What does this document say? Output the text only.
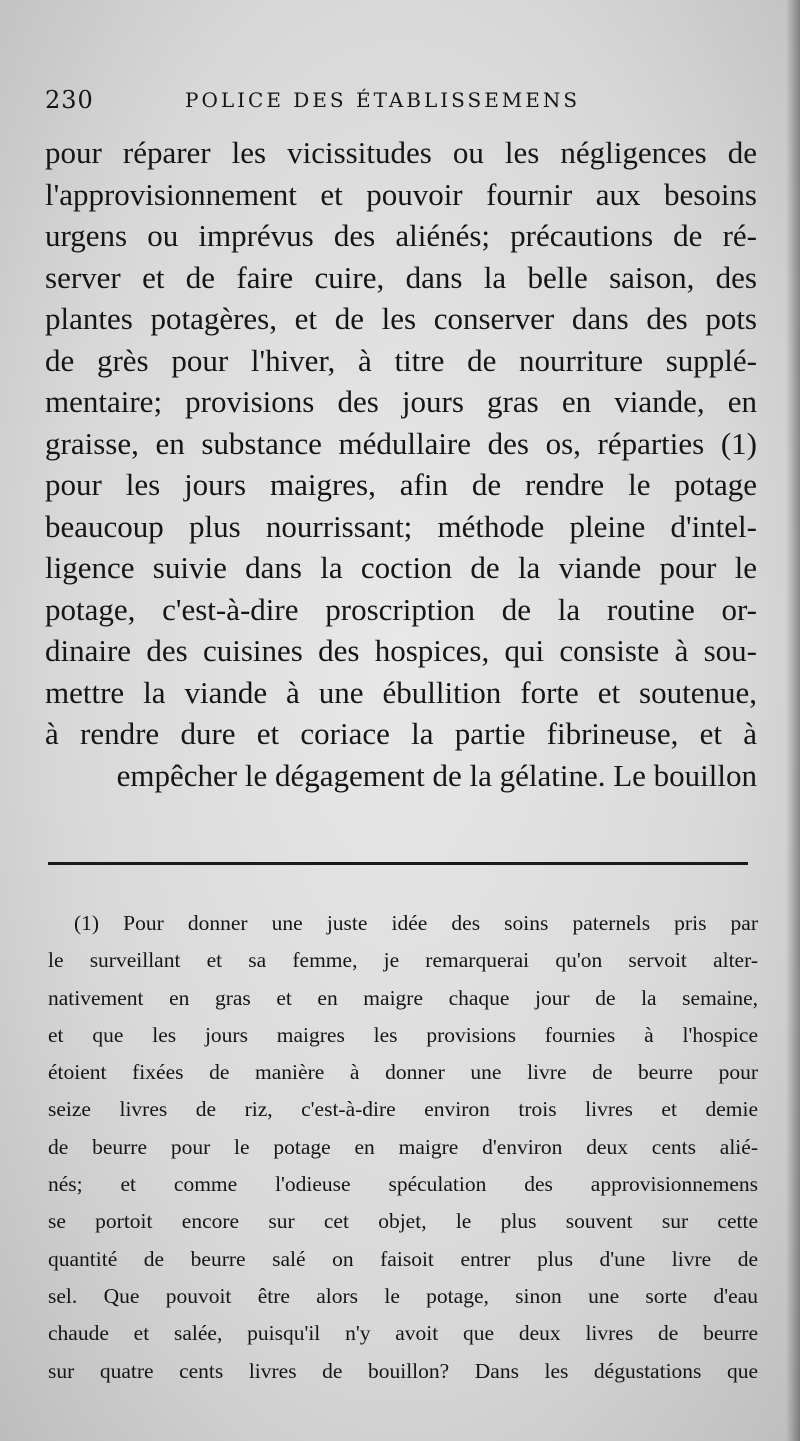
230	POLICE DES ÉTABLISSEMENS
pour réparer les vicissitudes ou les négligences de
l'approvisionnement et pouvoir fournir aux besoins
urgens ou imprévus des aliénés; précautions de ré-
server et de faire cuire, dans la belle saison, des
plantes potagères, et de les conserver dans des pots
de grès pour l'hiver, à titre de nourriture supplé-
mentaire; provisions des jours gras en viande, en
graisse, en substance médullaire des os, réparties (1)
pour les jours maigres, afin de rendre le potage
beaucoup plus nourrissant; méthode pleine d'intel-
ligence suivie dans la coction de la viande pour le
potage, c'est-à-dire proscription de la routine or-
dinaire des cuisines des hospices, qui consiste à sou-
mettre la viande à une ébullition forte et soutenue,
à rendre dure et coriace la partie fibrineuse, et à
empêcher le dégagement de la gélatine. Le bouillon
(1) Pour donner une juste idée des soins paternels pris par
le surveillant et sa femme, je remarquerai qu'on servoit alter-
nativement en gras et en maigre chaque jour de la semaine,
et que les jours maigres les provisions fournies à l'hospice
étoient fixées de manière à donner une livre de beurre pour
seize livres de riz, c'est-à-dire environ trois livres et demie
de beurre pour le potage en maigre d'environ deux cents alié-
nés; et comme l'odieuse spéculation des approvisionnemens
se portoit encore sur cet objet, le plus souvent sur cette
quantité de beurre salé on faisoit entrer plus d'une livre de
sel. Que pouvoit être alors le potage, sinon une sorte d'eau
chaude et salée, puisqu'il n'y avoit que deux livres de beurre
sur quatre cents livres de bouillon? Dans les dégustations que
